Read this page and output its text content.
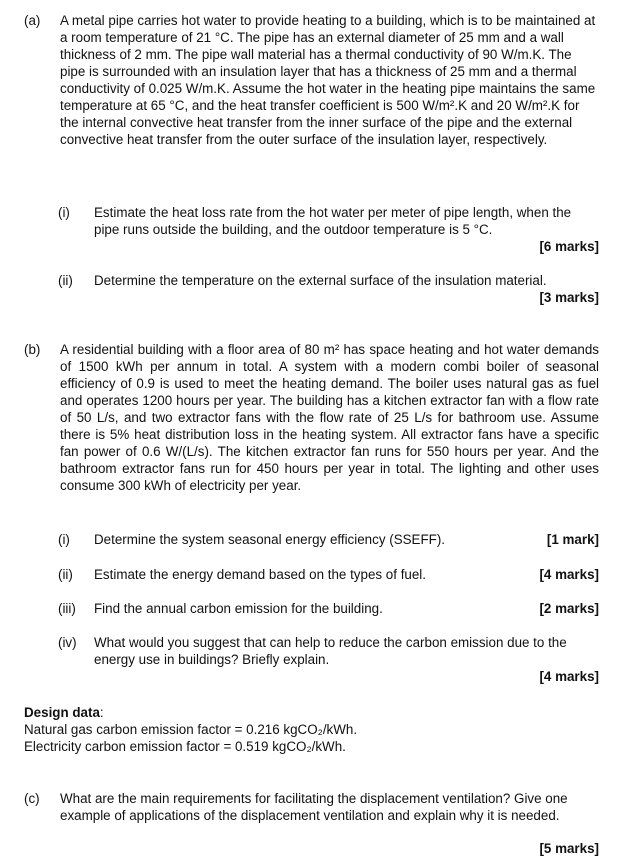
(a) A metal pipe carries hot water to provide heating to a building, which is to be maintained at a room temperature of 21 °C. The pipe has an external diameter of 25 mm and a wall thickness of 2 mm. The pipe wall material has a thermal conductivity of 90 W/m.K. The pipe is surrounded with an insulation layer that has a thickness of 25 mm and a thermal conductivity of 0.025 W/m.K. Assume the hot water in the heating pipe maintains the same temperature at 65 °C, and the heat transfer coefficient is 500 W/m².K and 20 W/m².K for the internal convective heat transfer from the inner surface of the pipe and the external convective heat transfer from the outer surface of the insulation layer, respectively.
(i) Estimate the heat loss rate from the hot water per meter of pipe length, when the pipe runs outside the building, and the outdoor temperature is 5 °C.
[6 marks]
(ii) Determine the temperature on the external surface of the insulation material.
[3 marks]
(b) A residential building with a floor area of 80 m² has space heating and hot water demands of 1500 kWh per annum in total. A system with a modern combi boiler of seasonal efficiency of 0.9 is used to meet the heating demand. The boiler uses natural gas as fuel and operates 1200 hours per year. The building has a kitchen extractor fan with a flow rate of 50 L/s, and two extractor fans with the flow rate of 25 L/s for bathroom use. Assume there is 5% heat distribution loss in the heating system. All extractor fans have a specific fan power of 0.6 W/(L/s). The kitchen extractor fan runs for 550 hours per year. And the bathroom extractor fans run for 450 hours per year in total. The lighting and other uses consume 300 kWh of electricity per year.
(i) Determine the system seasonal energy efficiency (SSEFF).	[1 mark]
(ii) Estimate the energy demand based on the types of fuel.	[4 marks]
(iii) Find the annual carbon emission for the building.	[2 marks]
(iv) What would you suggest that can help to reduce the carbon emission due to the energy use in buildings? Briefly explain.
[4 marks]
Design data:
Natural gas carbon emission factor = 0.216 kgCO₂/kWh.
Electricity carbon emission factor = 0.519 kgCO₂/kWh.
(c) What are the main requirements for facilitating the displacement ventilation? Give one example of applications of the displacement ventilation and explain why it is needed.
[5 marks]
